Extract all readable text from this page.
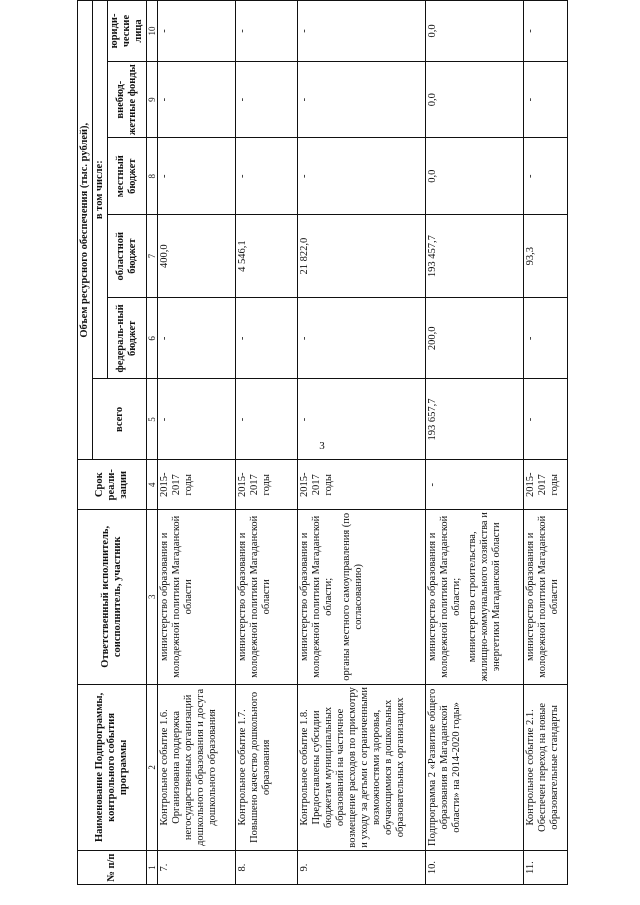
3
№ п/п	Наименование Подпрограммы, контрольного события программы	Ответственный исполнитель, соисполнитель, участник	Срок реали-зации	Объем ресурсного обеспечения (тыс. рублей),					
				всего	в том числе:				
					федераль-ный бюджет	областной бюджет	местный бюджет	внебюд-жетные фонды	юриди-ческие лица
1	2	3	4	5	6	7	8	9	10
7.	Контрольное событие 1.6. Организована поддержка негосударственных организаций дошкольного образования и досуга дошкольного образования	министерство образования и молодежной политики Магаданской области	2015-2017 годы	-	-	400,0	-	-	-
8.	Контрольное событие 1.7. Повышено качество дошкольного образования	министерство образования и молодежной политики Магаданской области	2015-2017 годы	-	-	4 546,1	-	-	-
9.	Контрольное событие 1.8. Предоставлены субсидии бюджетам муниципальных образований на частичное возмещение расходов по присмотру и уходу за детьми с ограниченными возможностями здоровья, обучающимися в дошкольных образовательных организациях	министерство образования и молодежной политики Магаданской области; органы местного самоуправления (по согласованию)	2015-2017 годы	-	-	21 822,0	-	-	-
10.	Подпрограмма 2 «Развитие общего образования в Магаданской области» на 2014-2020 годы»	министерство образования и молодежной политики Магаданской области; министерство строительства, жилищно-коммунального хозяйства и энергетики Магаданской области	-	193 657,7	200,0	193 457,7	0,0	0,0	0,0
11.	Контрольное событие 2.1. Обеспечен переход на новые образовательные стандарты	министерство образования и молодежной политики Магаданской области	2015-2017 годы	-	-	93,3	-	-	-
